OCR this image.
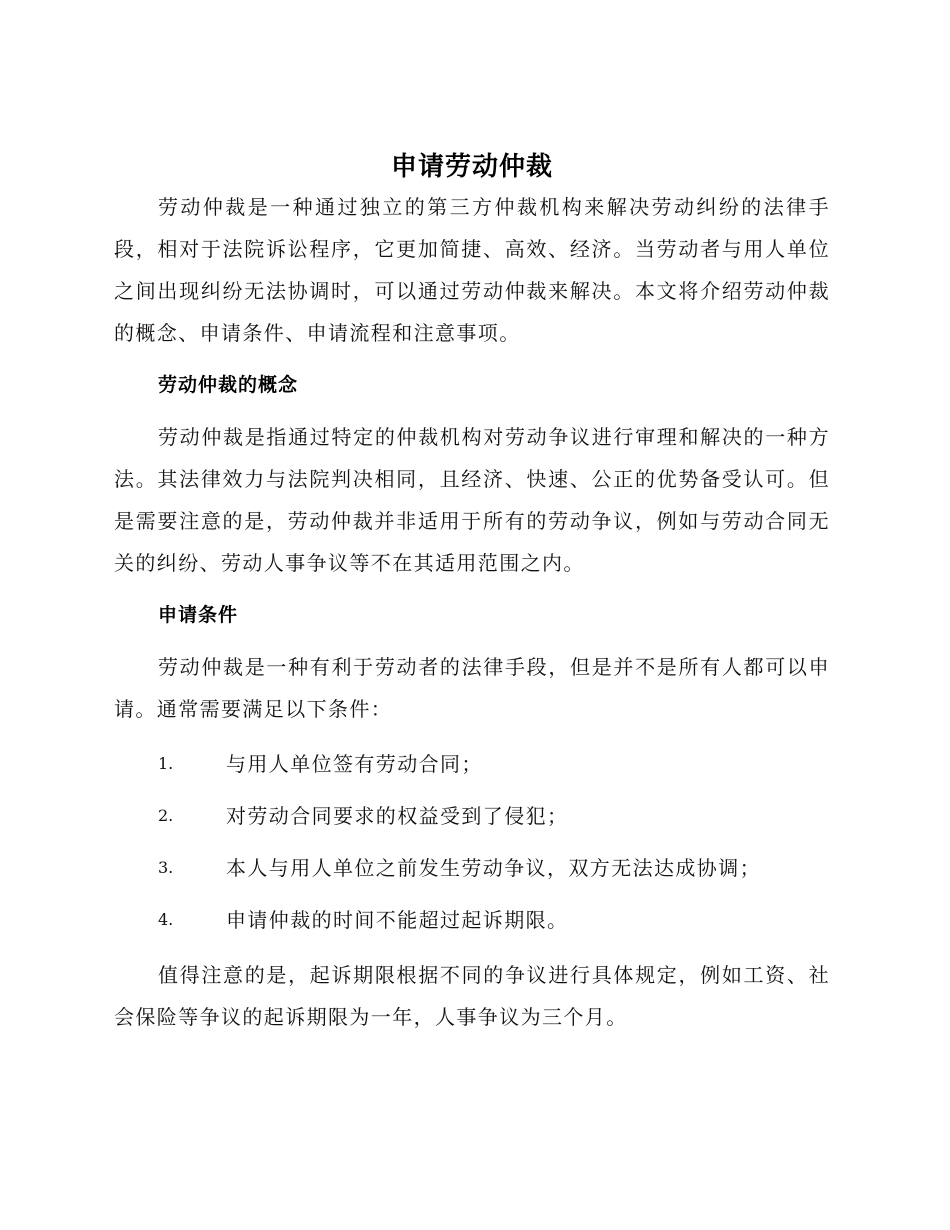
申请劳动仲裁

劳动仲裁是一种通过独立的第三方仲裁机构来解决劳动纠纷的法律手段，相对于法院诉讼程序，它更加简捷、高效、经济。当劳动者与用人单位之间出现纠纷无法协调时，可以通过劳动仲裁来解决。本文将介绍劳动仲裁的概念、申请条件、申请流程和注意事项。

劳动仲裁的概念

劳动仲裁是指通过特定的仲裁机构对劳动争议进行审理和解决的一种方法。其法律效力与法院判决相同，且经济、快速、公正的优势备受认可。但是需要注意的是，劳动仲裁并非适用于所有的劳动争议，例如与劳动合同无关的纠纷、劳动人事争议等不在其适用范围之内。

申请条件

劳动仲裁是一种有利于劳动者的法律手段，但是并不是所有人都可以申请。通常需要满足以下条件：

1.	与用人单位签有劳动合同；
2.	对劳动合同要求的权益受到了侵犯；
3.	本人与用人单位之前发生劳动争议，双方无法达成协调；
4.	申请仲裁的时间不能超过起诉期限。

值得注意的是，起诉期限根据不同的争议进行具体规定，例如工资、社会保险等争议的起诉期限为一年，人事争议为三个月。
